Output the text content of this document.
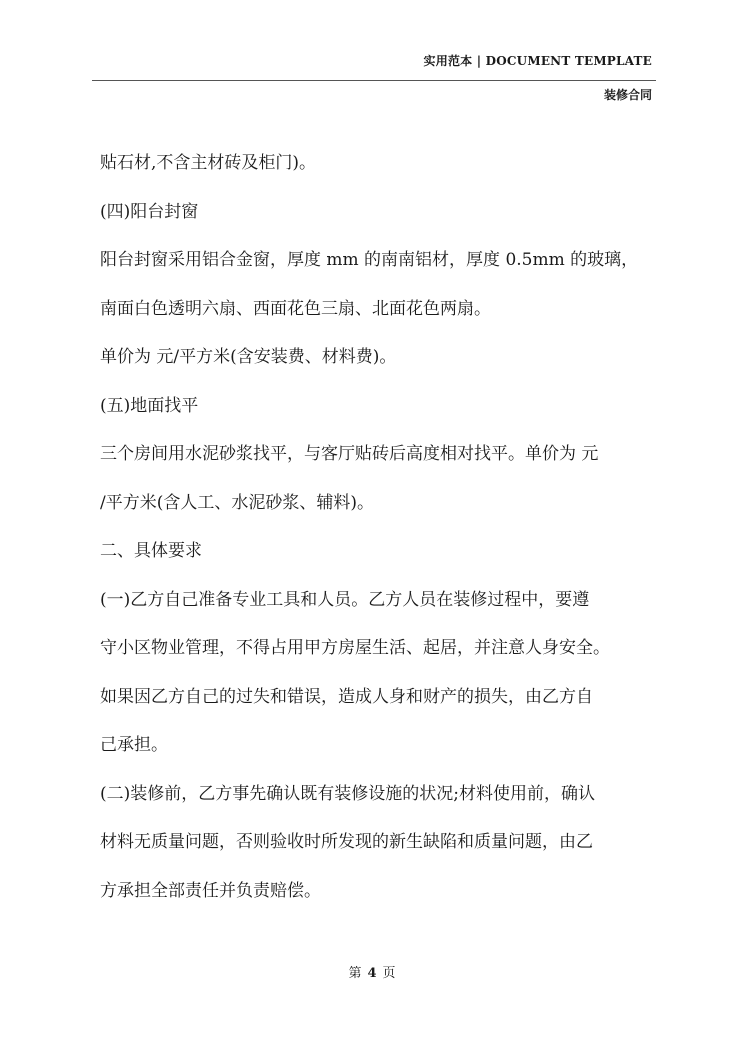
实用范本 | DOCUMENT TEMPLATE
装修合同

贴石材,不含主材砖及柜门)。

(四)阳台封窗

阳台封窗采用铝合金窗，厚度 mm 的南南铝材，厚度 0.5mm 的玻璃，

南面白色透明六扇、西面花色三扇、北面花色两扇。

单价为 元/平方米(含安装费、材料费)。

(五)地面找平

三个房间用水泥砂浆找平，与客厅贴砖后高度相对找平。单价为 元

/平方米(含人工、水泥砂浆、辅料)。

二、具体要求

(一)乙方自己准备专业工具和人员。乙方人员在装修过程中，要遵

守小区物业管理，不得占用甲方房屋生活、起居，并注意人身安全。

如果因乙方自己的过失和错误，造成人身和财产的损失，由乙方自

己承担。

(二)装修前，乙方事先确认既有装修设施的状况;材料使用前，确认

材料无质量问题，否则验收时所发现的新生缺陷和质量问题，由乙

方承担全部责任并负责赔偿。

第 4 页
